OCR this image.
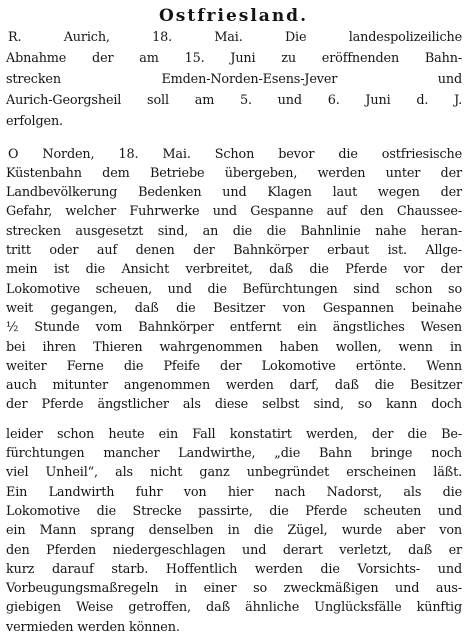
Ostfriesland.
R. Aurich, 18. Mai. Die landespolizeiliche
Abnahme der am 15. Juni zu eröffnenden Bahn-
strecken Emden-Norden-Esens-Jever und
Aurich-Georgsheil soll am 5. und 6. Juni d. J.
erfolgen.
O Norden, 18. Mai. Schon bevor die ostfriesische
Küstenbahn dem Betriebe übergeben, werden unter der
Landbevölkerung Bedenken und Klagen laut wegen der
Gefahr, welcher Fuhrwerke und Gespanne auf den Chaussee-
strecken ausgesetzt sind, an die die Bahnlinie nahe heran-
tritt oder auf denen der Bahnkörper erbaut ist. Allge-
mein ist die Ansicht verbreitet, daß die Pferde vor der
Lokomotive scheuen, und die Befürchtungen sind schon so
weit gegangen, daß die Besitzer von Gespannen beinahe
½ Stunde vom Bahnkörper entfernt ein ängstliches Wesen
bei ihren Thieren wahrgenommen haben wollen, wenn in
weiter Ferne die Pfeife der Lokomotive ertönte. Wenn
auch mitunter angenommen werden darf, daß die Besitzer
der Pferde ängstlicher als diese selbst sind, so kann doch
leider schon heute ein Fall konstatirt werden, der die Be-
fürchtungen mancher Landwirthe, „die Bahn bringe noch
viel Unheil“, als nicht ganz unbegründet erscheinen läßt.
Ein Landwirth fuhr von hier nach Nadorst, als die
Lokomotive die Strecke passirte, die Pferde scheuten und
ein Mann sprang denselben in die Zügel, wurde aber von
den Pferden niedergeschlagen und derart verletzt, daß er
kurz darauf starb. Hoffentlich werden die Vorsichts- und
Vorbeugungsmaßregeln in einer so zweckmäßigen und aus-
giebigen Weise getroffen, daß ähnliche Unglücksfälle künftig
vermieden werden können.
